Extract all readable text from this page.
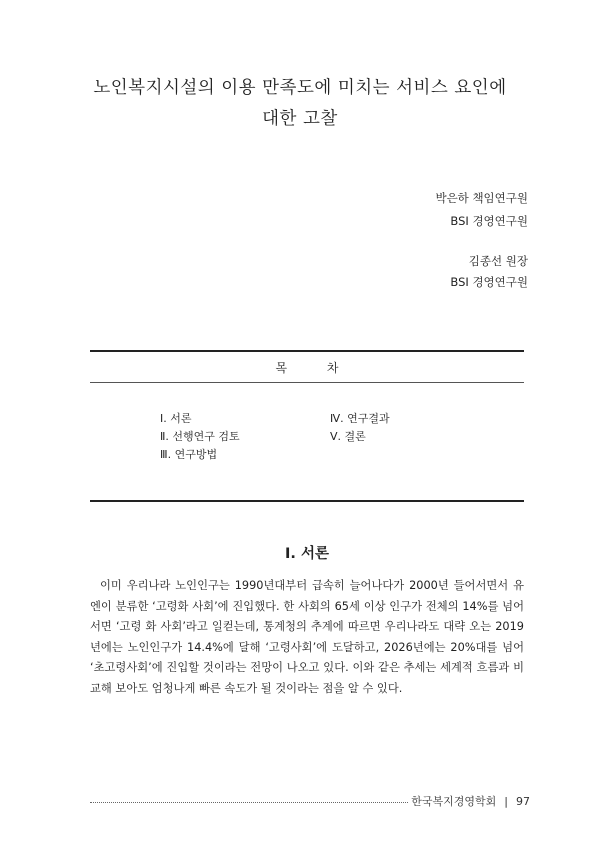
노인복지시설의 이용 만족도에 미치는 서비스 요인에
대한 고찰
박은하 책임연구원
BSI 경영연구원
김종선 원장
BSI 경영연구원
목 차
Ⅰ. 서론
Ⅱ. 선행연구 검토
Ⅲ. 연구방법
Ⅳ. 연구결과
Ⅴ. 결론
Ⅰ. 서론

이미 우리나라 노인인구는 1990년대부터 급속히 늘어나다가 2000년 들어서면서 유엔이 분류한 ‘고령화 사회’에 진입했다. 한 사회의 65세 이상 인구가 전체의 14%를 넘어서면 ‘고령 화 사회’라고 일컫는데, 통계청의 추계에 따르면 우리나라도 대략 오는 2019년에는 노인인구가 14.4%에 달해 ‘고령사회’에 도달하고, 2026년에는 20%대를 넘어 ‘초고령사회’에 진입할 것이라는 전망이 나오고 있다. 이와 같은 추세는 세계적 흐름과 비교해 보아도 엄청나게 빠른 속도가 될 것이라는 점을 알 수 있다.

한국복지경영학회 | 97
